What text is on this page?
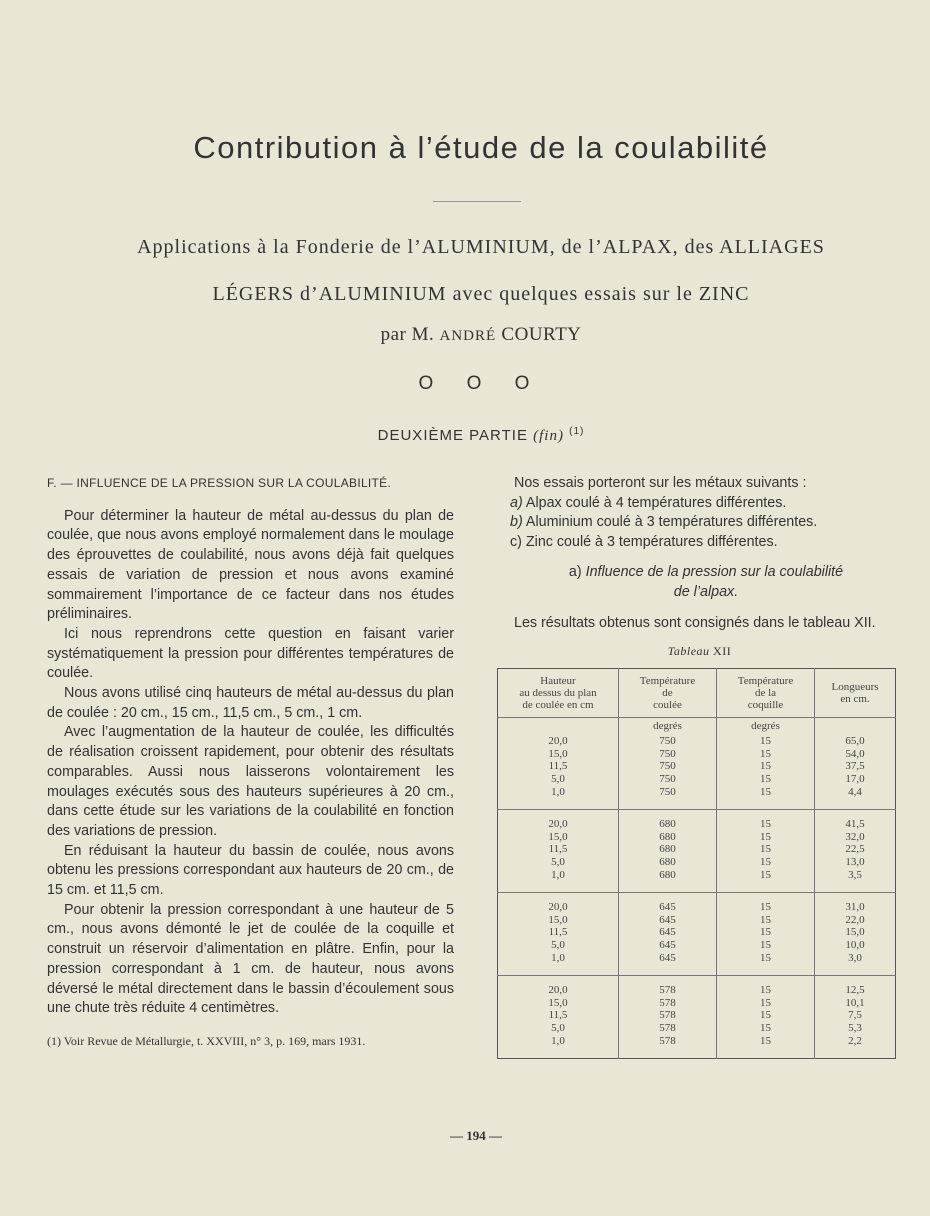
Contribution à l’étude de la coulabilité
Applications à la Fonderie de l’ALUMINIUM, de l’ALPAX, des ALLIAGES
LÉGERS d’ALUMINIUM avec quelques essais sur le ZINC
par M. ANDRÉ COURTY
O O O
DEUXIÈME PARTIE (fin) $^{(1)}$
F. — INFLUENCE DE LA PRESSION SUR LA COULABILITÉ.

Pour déterminer la hauteur de métal au-dessus du plan de coulée, que nous avons employé normalement dans le moulage des éprouvettes de coulabilité, nous avons déjà fait quelques essais de variation de pression et nous avons examiné sommairement l’importance de ce facteur dans nos études préliminaires.

Ici nous reprendrons cette question en faisant varier systématiquement la pression pour différentes températures de coulée.

Nous avons utilisé cinq hauteurs de métal au-dessus du plan de coulée : 20 cm., 15 cm., 11,5 cm., 5 cm., 1 cm.

Avec l’augmentation de la hauteur de coulée, les difficultés de réalisation croissent rapidement, pour obtenir des résultats comparables. Aussi nous laisserons volontairement les moulages exécutés sous des hauteurs supérieures à 20 cm., dans cette étude sur les variations de la coulabilité en fonction des variations de pression.

En réduisant la hauteur du bassin de coulée, nous avons obtenu les pressions correspondant aux hauteurs de 20 cm., de 15 cm. et 11,5 cm.

Pour obtenir la pression correspondant à une hauteur de 5 cm., nous avons démonté le jet de coulée de la coquille et construit un réservoir d’alimentation en plâtre. Enfin, pour la pression correspondant à 1 cm. de hauteur, nous avons déversé le métal directement dans le bassin d’écoulement sous une chute très réduite 4 centimètres.

(1) Voir Revue de Métallurgie, t. XXVIII, n° 3, p. 169, mars 1931.

Nos essais porteront sur les métaux suivants :

a) Alpax coulé à 4 températures différentes.

b) Aluminium coulé à 3 températures différentes.

c) Zinc coulé à 3 températures différentes.

a) Influence de la pression sur la coulabilité
de l’alpax.

Les résultats obtenus sont consignés dans le tableau XII.

Tableau XII
Hauteur
au dessus du plan
de coulée en cm	Température
de
coulée	Température
de la
coquille	Longueurs
en cm.
	degrés	degrés	
20,0	750	15	65,0
15,0	750	15	54,0
11,5	750	15	37,5
5,0	750	15	17,0
1,0	750	15	4,4
20,0	680	15	41,5
15,0	680	15	32,0
11,5	680	15	22,5
5,0	680	15	13,0
1,0	680	15	3,5
20,0	645	15	31,0
15,0	645	15	22,0
11,5	645	15	15,0
5,0	645	15	10,0
1,0	645	15	3,0
20,0	578	15	12,5
15,0	578	15	10,1
11,5	578	15	7,5
5,0	578	15	5,3
1,0	578	15	2,2
— 194 —
